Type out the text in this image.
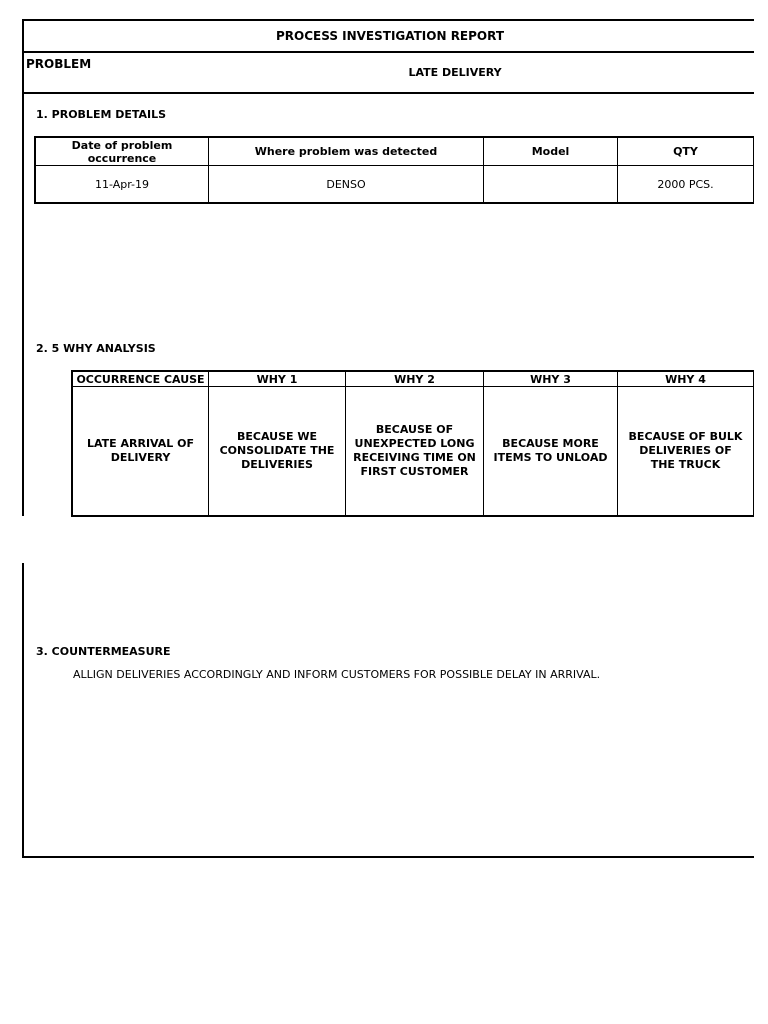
PROCESS INVESTIGATION REPORT
PROBLEM
LATE DELIVERY
1. PROBLEM DETAILS
Date of problem occurrence	Where problem was detected	Model	QTY
11-Apr-19	DENSO		2000 PCS.
2. 5 WHY ANALYSIS
OCCURRENCE CAUSE	WHY 1	WHY 2	WHY 3	WHY 4
LATE ARRIVAL OF DELIVERY	BECAUSE WE CONSOLIDATE THE DELIVERIES	BECAUSE OF UNEXPECTED LONG RECEIVING TIME ON FIRST CUSTOMER	BECAUSE MORE ITEMS TO UNLOAD	BECAUSE OF BULK DELIVERIES OF THE TRUCK
3. COUNTERMEASURE
ALLIGN DELIVERIES ACCORDINGLY AND INFORM CUSTOMERS FOR POSSIBLE DELAY IN ARRIVAL.
